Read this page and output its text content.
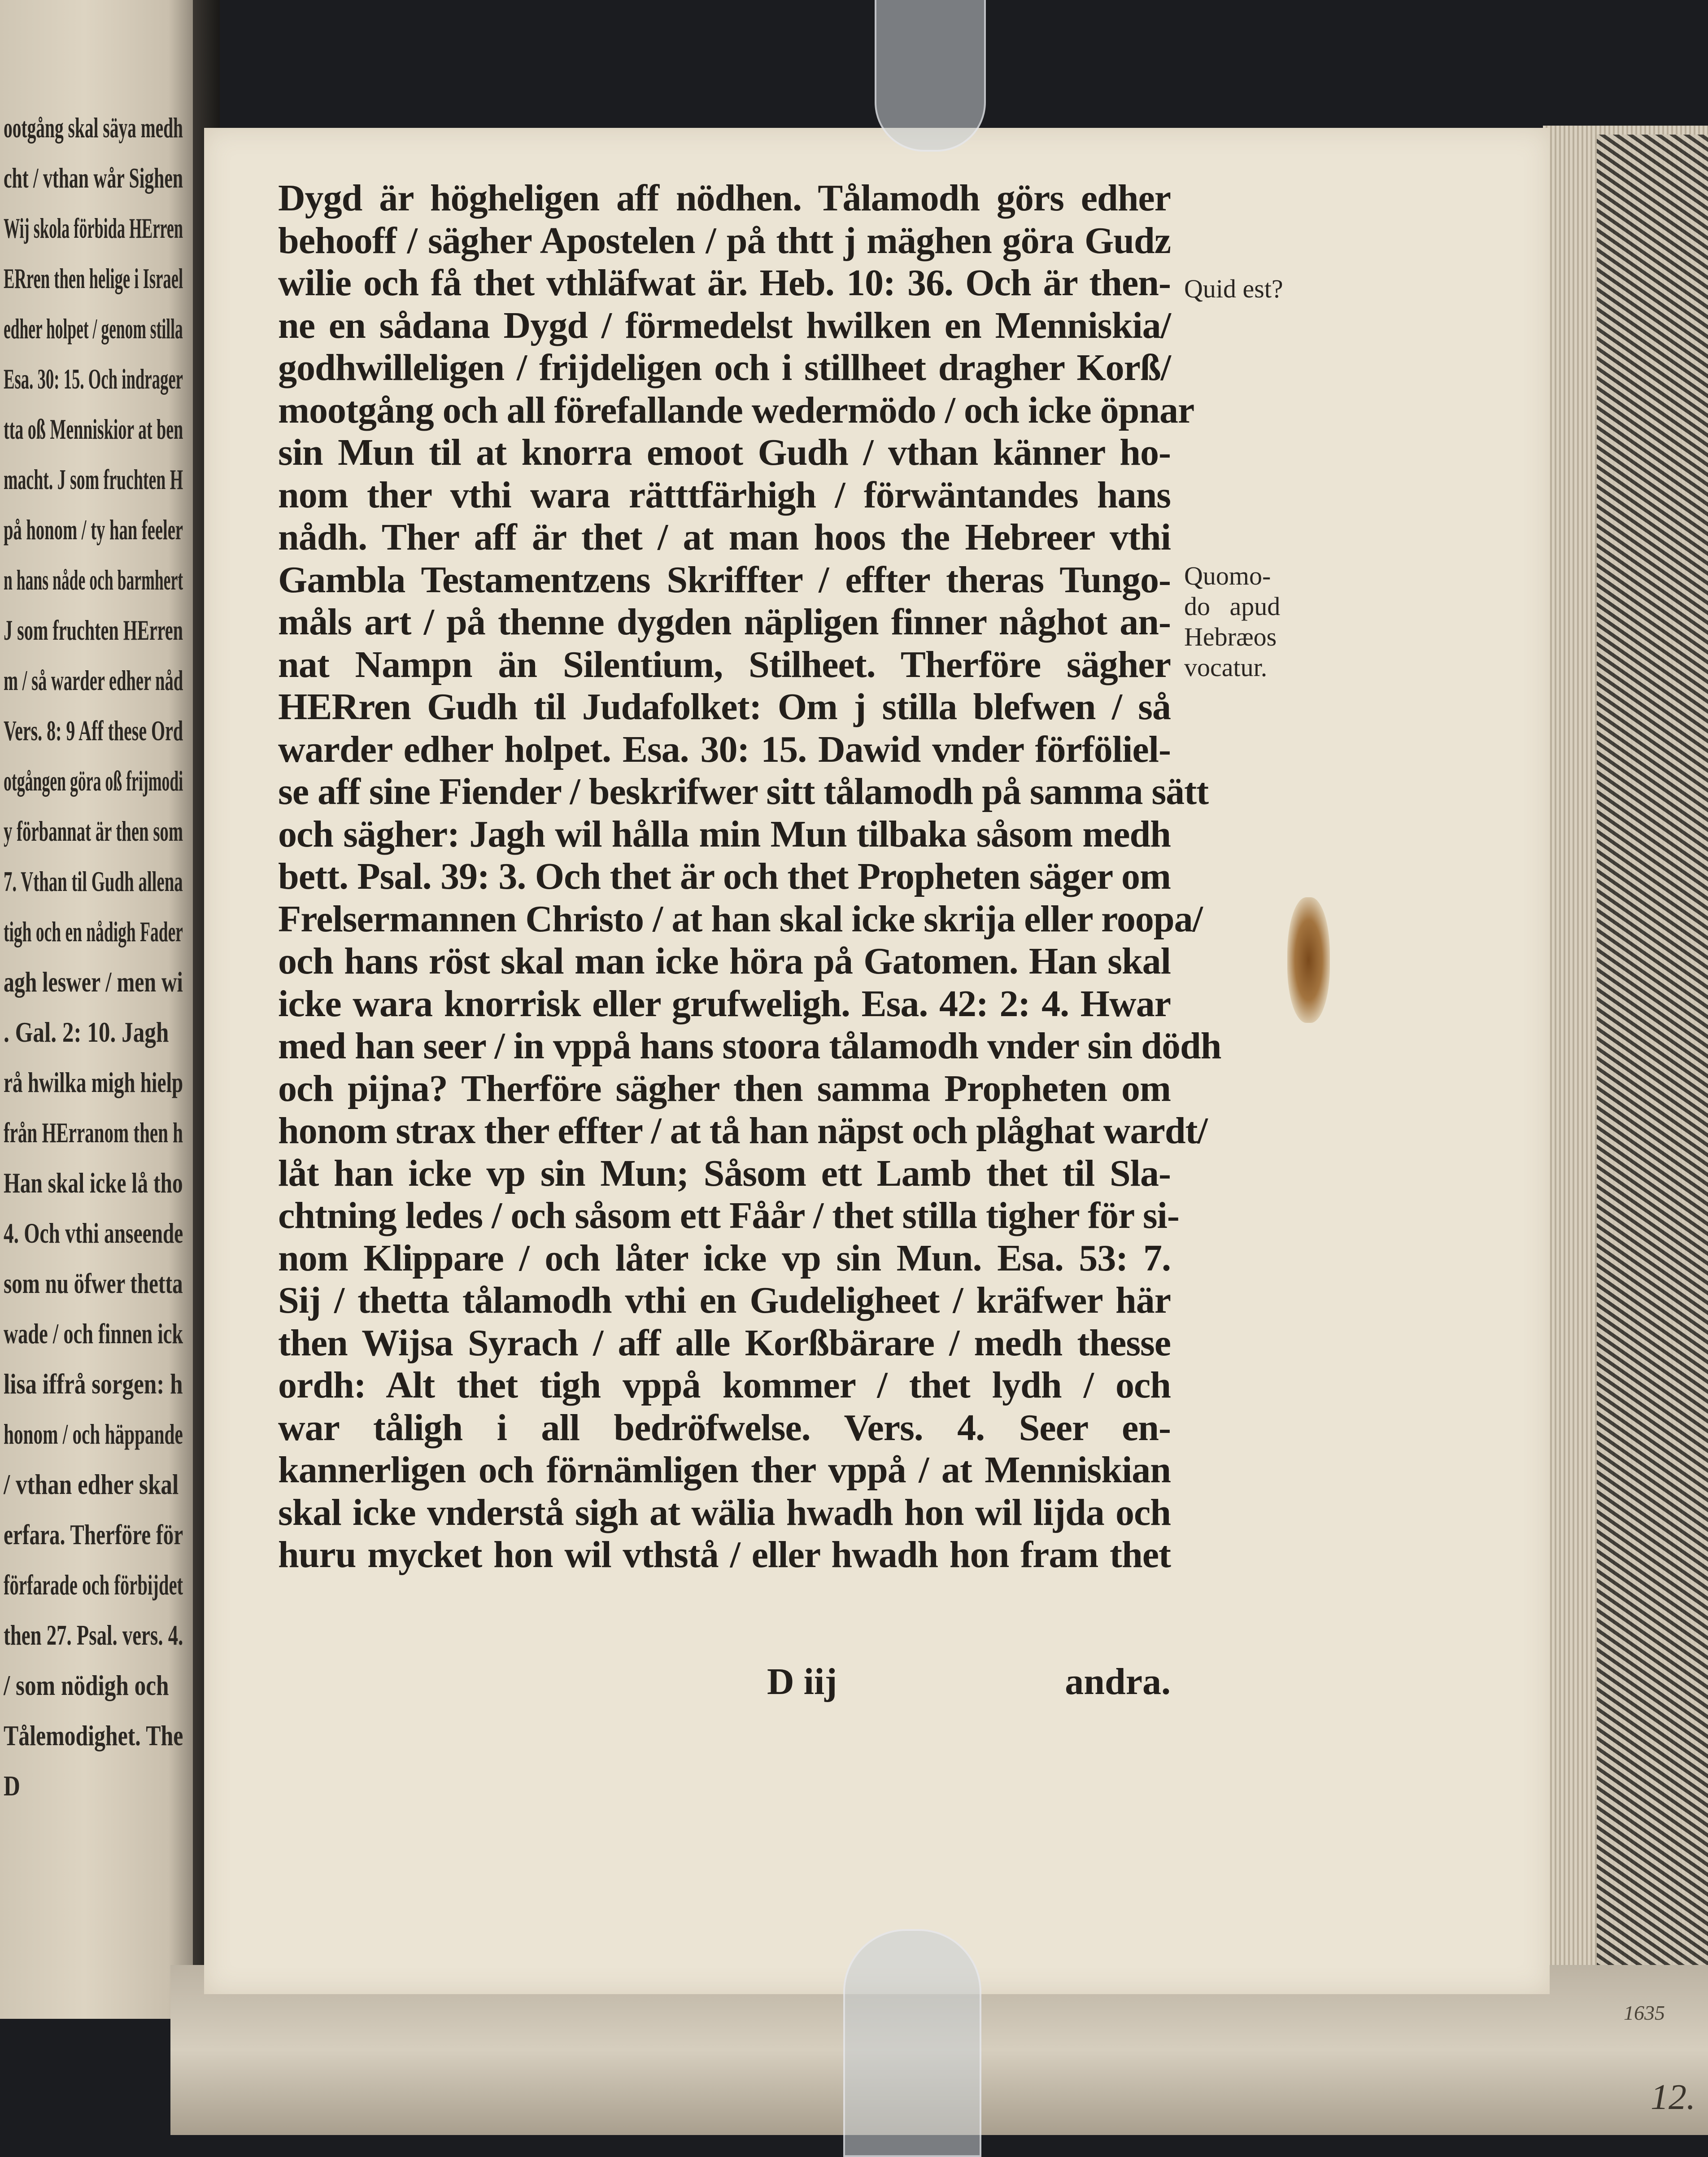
ootgång skal säya medh
cht / vthan wår Sighen
Wij skola förbida HErren
ERren then helige i Israel
edher holpet / genom stilla
Esa. 30: 15. Och indrager
tta oß Menniskior at ben
macht. J som fruchten H
på honom / ty han feeler
n hans nåde och barmhert
J som fruchten HErren
m / så warder edher nåd
Vers. 8: 9 Aff these Ord
otgången göra oß frijmodi
y förbannat är then som
7. Vthan til Gudh allena
tigh och en nådigh Fader
agh leswer / men wi
. Gal. 2: 10. Jagh
rå hwilka migh hielp
från HErranom then h
Han skal icke lå tho
4. Och vthi anseende
som nu öfwer thetta
wade / och finnen ick
lisa iffrå sorgen: h
honom / och häppande
/ vthan edher skal
erfara. Therföre för
förfarade och förbijdet
then 27. Psal. vers. 4.
/ som nödigh och
Tålemodighet. The
D
Dygd är högheligen aff nödhen. Tålamodh görs edher
behooff / sägher Apostelen / på thtt j mäghen göra Gudz
wilie och få thet vthläfwat är. Heb. 10: 36. Och är then-
ne en sådana Dygd / förmedelst hwilken en Menniskia/
godhwilleligen / frijdeligen och i stillheet dragher Korß/
mootgång och all förefallande wedermödo / och icke öpnar
sin Mun til at knorra emoot Gudh / vthan känner ho-
nom ther vthi wara rätttfärhigh / förwäntandes hans
nådh. Ther aff är thet / at man hoos the Hebreer vthi
Gambla Testamentzens Skriffter / effter theras Tungo-
måls art / på thenne dygden näpligen finner någhot an-
nat Nampn än Silentium, Stilheet. Therföre sägher
HERren Gudh til Judafolket: Om j stilla blefwen / så
warder edher holpet. Esa. 30: 15. Dawid vnder förföliel-
se aff sine Fiender / beskrifwer sitt tålamodh på samma sätt
och sägher: Jagh wil hålla min Mun tilbaka såsom medh
bett. Psal. 39: 3. Och thet är och thet Propheten säger om
Frelsermannen Christo / at han skal icke skrija eller roopa/
och hans röst skal man icke höra på Gatomen. Han skal
icke wara knorrisk eller grufweligh. Esa. 42: 2: 4. Hwar
med han seer / in vppå hans stoora tålamodh vnder sin dödh
och pijna? Therföre sägher then samma Propheten om
honom strax ther effter / at tå han näpst och plåghat wardt/
låt han icke vp sin Mun; Såsom ett Lamb thet til Sla-
chtning ledes / och såsom ett Fåår / thet stilla tigher för si-
nom Klippare / och låter icke vp sin Mun. Esa. 53: 7.
Sij / thetta tålamodh vthi en Gudeligheet / kräfwer här
then Wijsa Syrach / aff alle Korßbärare / medh thesse
ordh: Alt thet tigh vppå kommer / thet lydh / och
war tåligh i all bedröfwelse. Vers. 4. Seer en-
kannerligen och förnämligen ther vppå / at Menniskian
skal icke vnderstå sigh at wälia hwadh hon wil lijda och
huru mycket hon wil vthstå / eller hwadh hon fram thet
D iij	andra.
Quid est?
Quomo-
do   apud
Hebræos
vocatur.
1635
12.
